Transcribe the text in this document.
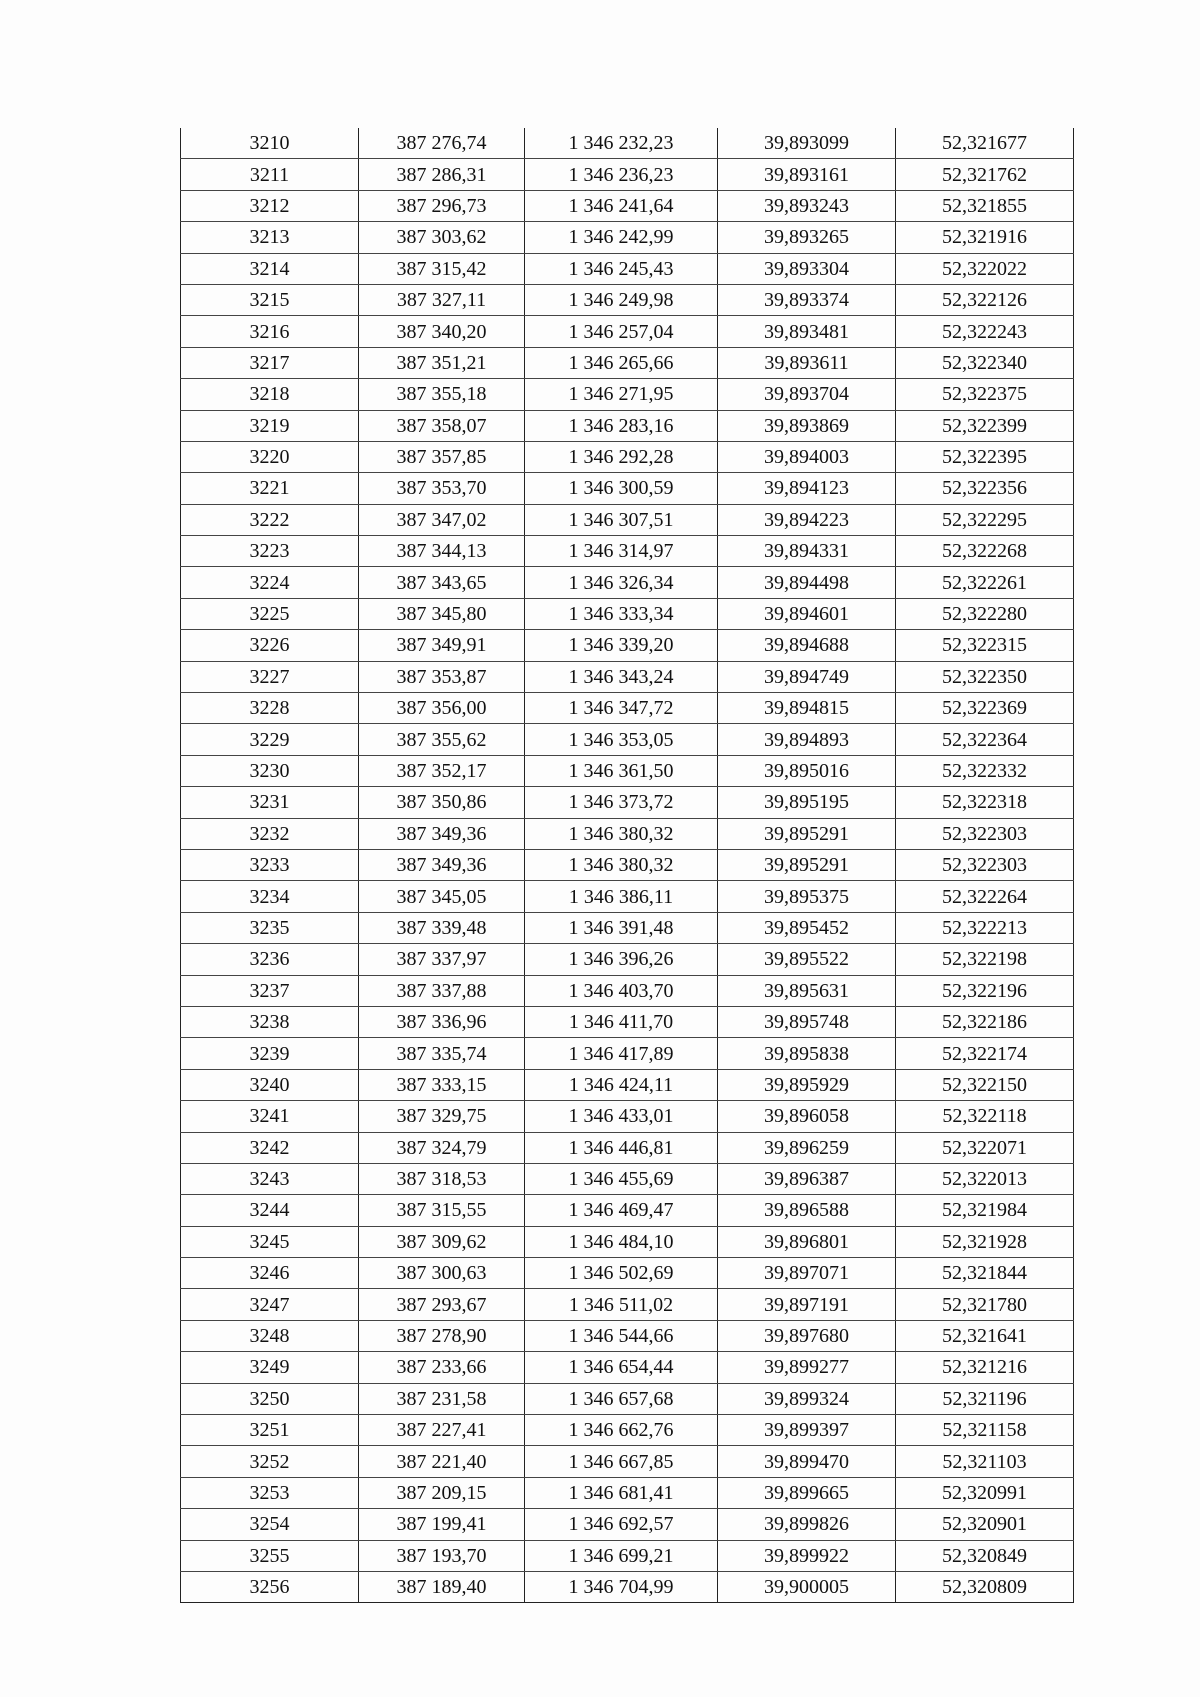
3210	387 276,74	1 346 232,23	39,893099	52,321677
3211	387 286,31	1 346 236,23	39,893161	52,321762
3212	387 296,73	1 346 241,64	39,893243	52,321855
3213	387 303,62	1 346 242,99	39,893265	52,321916
3214	387 315,42	1 346 245,43	39,893304	52,322022
3215	387 327,11	1 346 249,98	39,893374	52,322126
3216	387 340,20	1 346 257,04	39,893481	52,322243
3217	387 351,21	1 346 265,66	39,893611	52,322340
3218	387 355,18	1 346 271,95	39,893704	52,322375
3219	387 358,07	1 346 283,16	39,893869	52,322399
3220	387 357,85	1 346 292,28	39,894003	52,322395
3221	387 353,70	1 346 300,59	39,894123	52,322356
3222	387 347,02	1 346 307,51	39,894223	52,322295
3223	387 344,13	1 346 314,97	39,894331	52,322268
3224	387 343,65	1 346 326,34	39,894498	52,322261
3225	387 345,80	1 346 333,34	39,894601	52,322280
3226	387 349,91	1 346 339,20	39,894688	52,322315
3227	387 353,87	1 346 343,24	39,894749	52,322350
3228	387 356,00	1 346 347,72	39,894815	52,322369
3229	387 355,62	1 346 353,05	39,894893	52,322364
3230	387 352,17	1 346 361,50	39,895016	52,322332
3231	387 350,86	1 346 373,72	39,895195	52,322318
3232	387 349,36	1 346 380,32	39,895291	52,322303
3233	387 349,36	1 346 380,32	39,895291	52,322303
3234	387 345,05	1 346 386,11	39,895375	52,322264
3235	387 339,48	1 346 391,48	39,895452	52,322213
3236	387 337,97	1 346 396,26	39,895522	52,322198
3237	387 337,88	1 346 403,70	39,895631	52,322196
3238	387 336,96	1 346 411,70	39,895748	52,322186
3239	387 335,74	1 346 417,89	39,895838	52,322174
3240	387 333,15	1 346 424,11	39,895929	52,322150
3241	387 329,75	1 346 433,01	39,896058	52,322118
3242	387 324,79	1 346 446,81	39,896259	52,322071
3243	387 318,53	1 346 455,69	39,896387	52,322013
3244	387 315,55	1 346 469,47	39,896588	52,321984
3245	387 309,62	1 346 484,10	39,896801	52,321928
3246	387 300,63	1 346 502,69	39,897071	52,321844
3247	387 293,67	1 346 511,02	39,897191	52,321780
3248	387 278,90	1 346 544,66	39,897680	52,321641
3249	387 233,66	1 346 654,44	39,899277	52,321216
3250	387 231,58	1 346 657,68	39,899324	52,321196
3251	387 227,41	1 346 662,76	39,899397	52,321158
3252	387 221,40	1 346 667,85	39,899470	52,321103
3253	387 209,15	1 346 681,41	39,899665	52,320991
3254	387 199,41	1 346 692,57	39,899826	52,320901
3255	387 193,70	1 346 699,21	39,899922	52,320849
3256	387 189,40	1 346 704,99	39,900005	52,320809
